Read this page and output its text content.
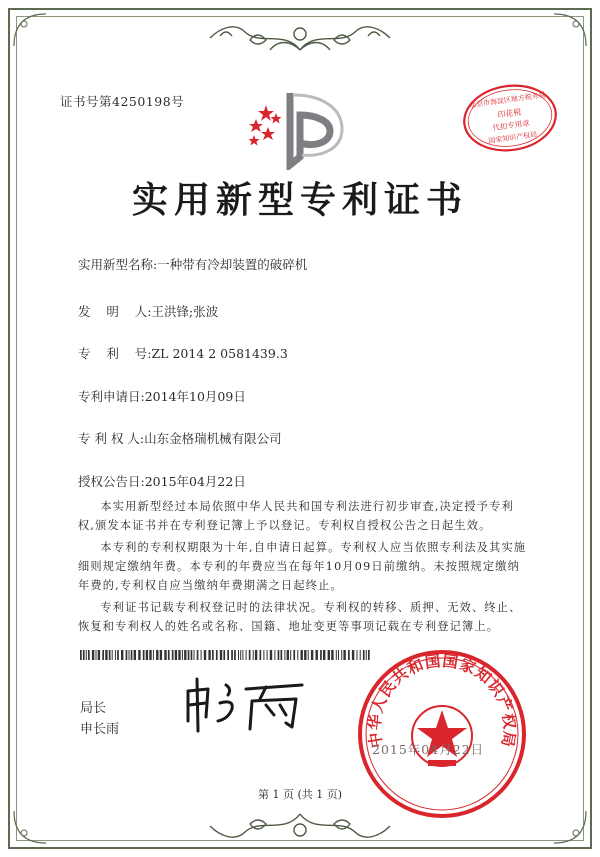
证书号第4250198号	北京市海淀区地方税务局
印花税
代扣专用章
国家知识产权局
实用新型专利证书
实用新型名称:一种带有冷却装置的破碎机
发    明    人:王洪锋;张波
专    利    号:ZL 2014 2 0581439.3
专利申请日:2014年10月09日
专 利 权 人:山东金格瑞机械有限公司
授权公告日:2015年04月22日

本实用新型经过本局依照中华人民共和国专利法进行初步审查,决定授予专利权,颁发本证书并在专利登记簿上予以登记。专利权自授权公告之日起生效。

本专利的专利权期限为十年,自申请日起算。专利权人应当依照专利法及其实施细则规定缴纳年费。本专利的年费应当在每年10月09日前缴纳。未按照规定缴纳年费的,专利权自应当缴纳年费期满之日起终止。

专利证书记载专利权登记时的法律状况。专利权的转移、质押、无效、终止、恢复和专利权人的姓名或名称、国籍、地址变更等事项记载在专利登记簿上。

局长
申长雨
中华人民共和国国家知识产权局
2015年04月22日
第 1 页 (共 1 页)
